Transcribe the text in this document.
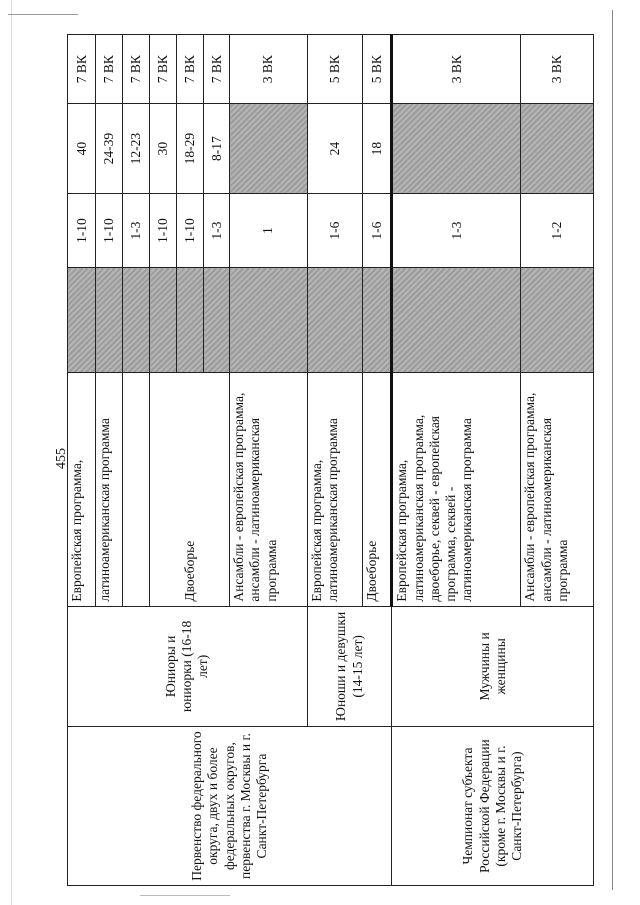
455
Первенство федерального округа, двух и более федеральных округов, первенства г. Москвы и г. Санкт-Петербурга	Юниоры и юниорки (16-18 лет)	Европейская программа,		1-10	40	7 ВК
		латиноамериканская программа		1-10	24-39	7 ВК
				1-3	12-23	7 ВК
		Двоеборье		1-10	30	7 ВК
				1-10	18-29	7 ВК
				1-3	8-17	7 ВК
		Ансамбли - европейская программа, ансамбли - латиноамериканская программа		1		3 ВК
	Юноши и девушки (14-15 лет)	Европейская программа, латиноамериканская программа		1-6	24	5 ВК
		Двоеборье		1-6	18	5 ВК
Чемпионат субъекта Российской Федерации (кроме г. Москвы и г. Санкт-Петербурга)	Мужчины и женщины	Европейская программа, латиноамериканская программа, двоеборье, секвей - европейская программа, секвей - латиноамериканская программа		1-3		3 ВК
		Ансамбли - европейская программа, ансамбли - латиноамериканская программа		1-2		3 ВК
